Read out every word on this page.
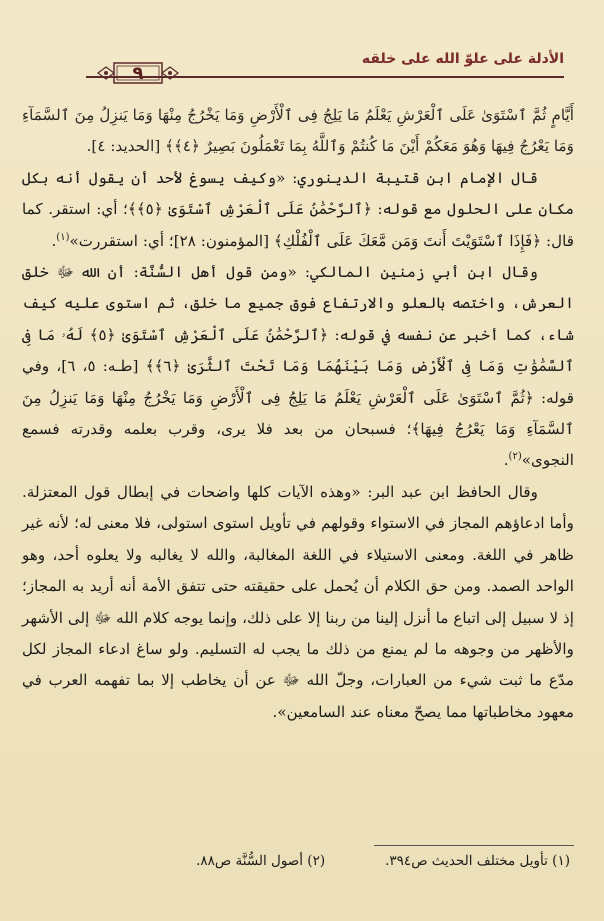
الأدلة على علوّ الله على خلقه
٩

أَيَّامٍ ثُمَّ ٱسْتَوَىٰ عَلَى ٱلْعَرْشِ يَعْلَمُ مَا يَلِجُ فِى ٱلْأَرْضِ وَمَا يَخْرُجُ مِنْهَا وَمَا يَنزِلُ مِنَ ٱلسَّمَآءِ وَمَا يَعْرُجُ فِيهَا وَهُوَ مَعَكُمْ أَيْنَ مَا كُنتُمْ وَٱللَّهُ بِمَا تَعْمَلُونَ بَصِيرٌ ﴿٤﴾﴾ [الحديد: ٤].

قال الإمام ابن قتيبة الدينوري: «وكيف يسوغ لأحد أن يقول أنه بكل مكان على الحلول مع قوله: ﴿ٱلرَّحْمَٰنُ عَلَى ٱلْعَرْشِ ٱسْتَوَىٰ ﴿٥﴾﴾؛ أي: استقر. كما قال: ﴿فَإِذَا ٱسْتَوَيْتَ أَنتَ وَمَن مَّعَكَ عَلَى ٱلْفُلْكِ﴾ [المؤمنون: ٢٨]؛ أي: استقررت»$^{(١)}$.

وقال ابن أبي زمنين المالكي: «ومن قول أهل السُّنَّة: أن الله ﷻ خلق العرش، واختصه بالعلو والارتفاع فوق جميع ما خلق، ثم استوى عليه كيف شاء، كما أخبر عن نفسه في قوله: ﴿ٱلرَّحْمَٰنُ عَلَى ٱلْعَرْشِ ٱسْتَوَىٰ ﴿٥﴾ لَهُۥ مَا فِى ٱلسَّمَٰوَٰتِ وَمَا فِى ٱلْأَرْضِ وَمَا بَيْنَهُمَا وَمَا تَحْتَ ٱلثَّرَىٰ ﴿٦﴾﴾ [طـه: ٥، ٦]، وفي قوله: ﴿ثُمَّ ٱسْتَوَىٰ عَلَى ٱلْعَرْشِ يَعْلَمُ مَا يَلِجُ فِى ٱلْأَرْضِ وَمَا يَخْرُجُ مِنْهَا وَمَا يَنزِلُ مِنَ ٱلسَّمَآءِ وَمَا يَعْرُجُ فِيهَا﴾؛ فسبحان من بعد فلا يرى، وقرب بعلمه وقدرته فسمع النجوى»$^{(٢)}$.

وقال الحافظ ابن عبد البر: «وهذه الآيات كلها واضحات في إبطال قول المعتزلة. وأما ادعاؤهم المجاز في الاستواء وقولهم في تأويل استوى استولى، فلا معنى له؛ لأنه غير ظاهر في اللغة. ومعنى الاستيلاء في اللغة المغالبة، والله لا يغالبه ولا يعلوه أحد، وهو الواحد الصمد. ومن حق الكلام أن يُحمل على حقيقته حتى تتفق الأمة أنه أريد به المجاز؛ إذ لا سبيل إلى اتباع ما أنزل إلينا من ربنا إلا على ذلك، وإنما يوجه كلام الله ﷻ إلى الأشهر والأظهر من وجوهه ما لم يمنع من ذلك ما يجب له التسليم. ولو ساغ ادعاء المجاز لكل مدّع ما ثبت شيء من العبارات، وجلّ الله ﷻ عن أن يخاطب إلا بما تفهمه العرب في معهود مخاطباتها مما يصحّ معناه عند السامعين».

(١) تأويل مختلف الحديث ص٣٩٤.
(٢) أصول السُّنَّة ص٨٨.
